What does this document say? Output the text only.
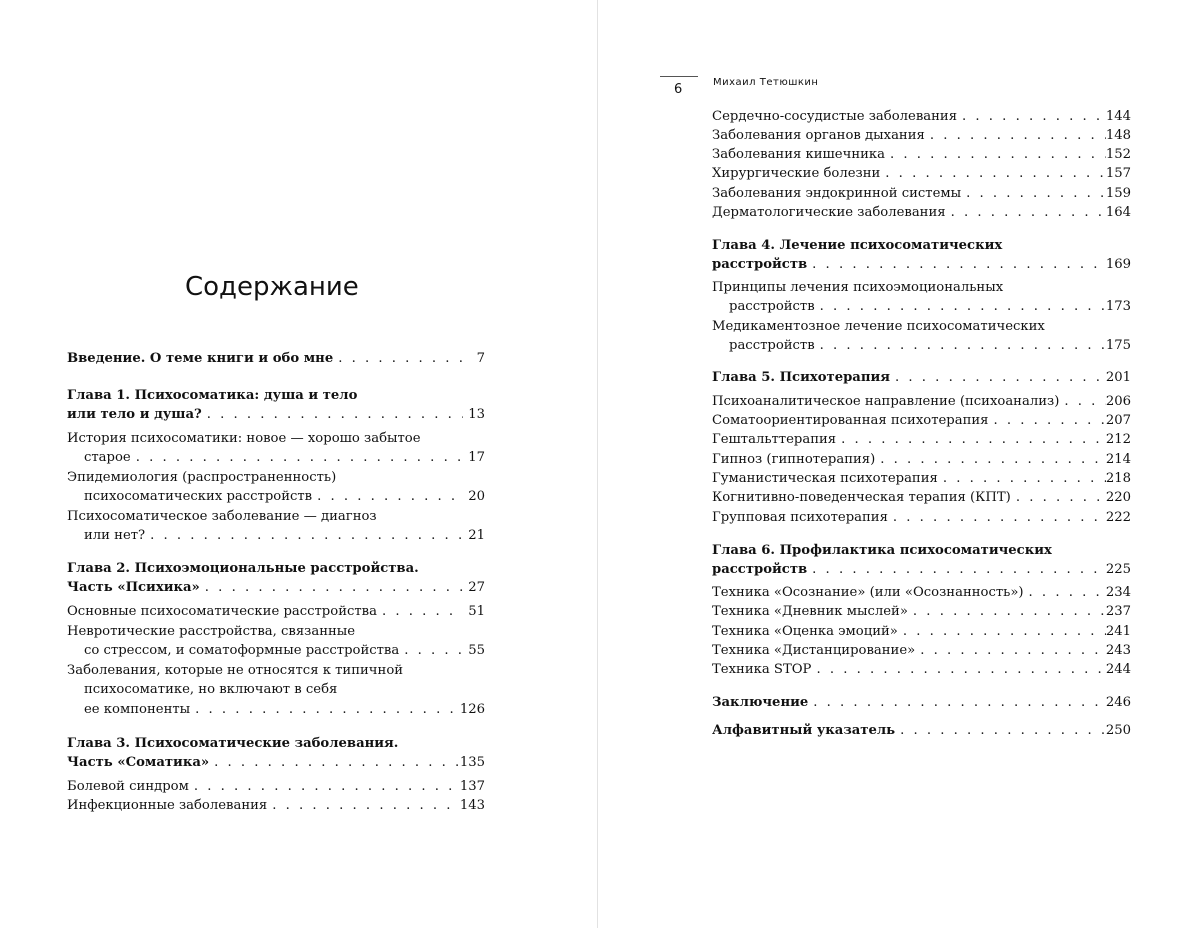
Содержание
Введение. О теме книги и обо мне . . .	7
Глава 1. Психосоматика: душа и тело
или тело и душа? . . .	13
История психосоматики: новое — хорошо забытое
старое . . .	17
Эпидемиология (распространенность)
психосоматических расстройств . . .	20
Психосоматическое заболевание — диагноз
или нет? . . .	21
Глава 2. Психоэмоциональные расстройства.
Часть «Психика» . . .	27
Основные психосоматические расстройства . . .	51
Невротические расстройства, связанные
со стрессом, и соматоформные расстройства . . .	55
Заболевания, которые не относятся к типичной
психосоматике, но включают в себя
ее компоненты . . .	126
Глава 3. Психосоматические заболевания.
Часть «Соматика» . . .	135
Болевой синдром . . .	137
Инфекционные заболевания . . .	143
6	Михаил Тетюшкин
Сердечно-сосудистые заболевания . . .	144
Заболевания органов дыхания . . .	148
Заболевания кишечника . . .	152
Хирургические болезни . . .	157
Заболевания эндокринной системы . . .	159
Дерматологические заболевания . . .	164
Глава 4. Лечение психосоматических
расстройств . . .	169
Принципы лечения психоэмоциональных
расстройств . . .	173
Медикаментозное лечение психосоматических
расстройств . . .	175
Глава 5. Психотерапия . . .	201
Психоаналитическое направление (психоанализ) . . .	206
Соматоориентированная психотерапия . . .	207
Гештальттерапия . . .	212
Гипноз (гипнотерапия) . . .	214
Гуманистическая психотерапия . . .	218
Когнитивно-поведенческая терапия (КПТ) . . .	220
Групповая психотерапия . . .	222
Глава 6. Профилактика психосоматических
расстройств . . .	225
Техника «Осознание» (или «Осознанность») . . .	234
Техника «Дневник мыслей» . . .	237
Техника «Оценка эмоций» . . .	241
Техника «Дистанцирование» . . .	243
Техника STOP . . .	244
Заключение . . .	246
Алфавитный указатель . . .	250
